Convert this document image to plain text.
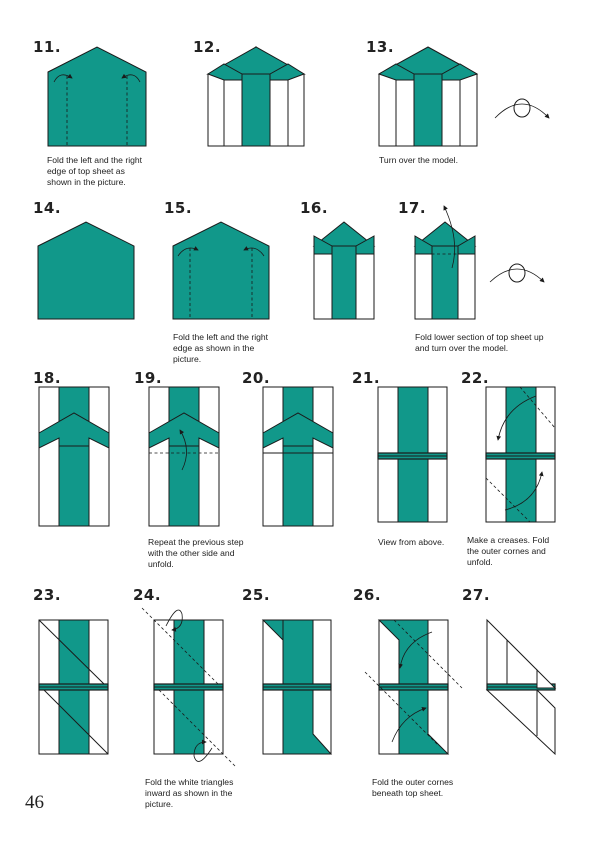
11.	12.	13.
14.	15.	16.	17.
18.	19.	20.	21.	22.
23.	24.	25.	26.	27.
Fold the left and the right
edge of top sheet as
shown in the picture.
Turn over the model.
Fold the left and the right
edge as shown in the
picture.
Fold lower section of top sheet up
and turn over the model.
Repeat the previous step
with the other side and
unfold.
View from above.	Make a creases. Fold
the outer cornes and
unfold.
Fold the white triangles
inward as shown in the
picture.
Fold the outer cornes
beneath top sheet.
46
